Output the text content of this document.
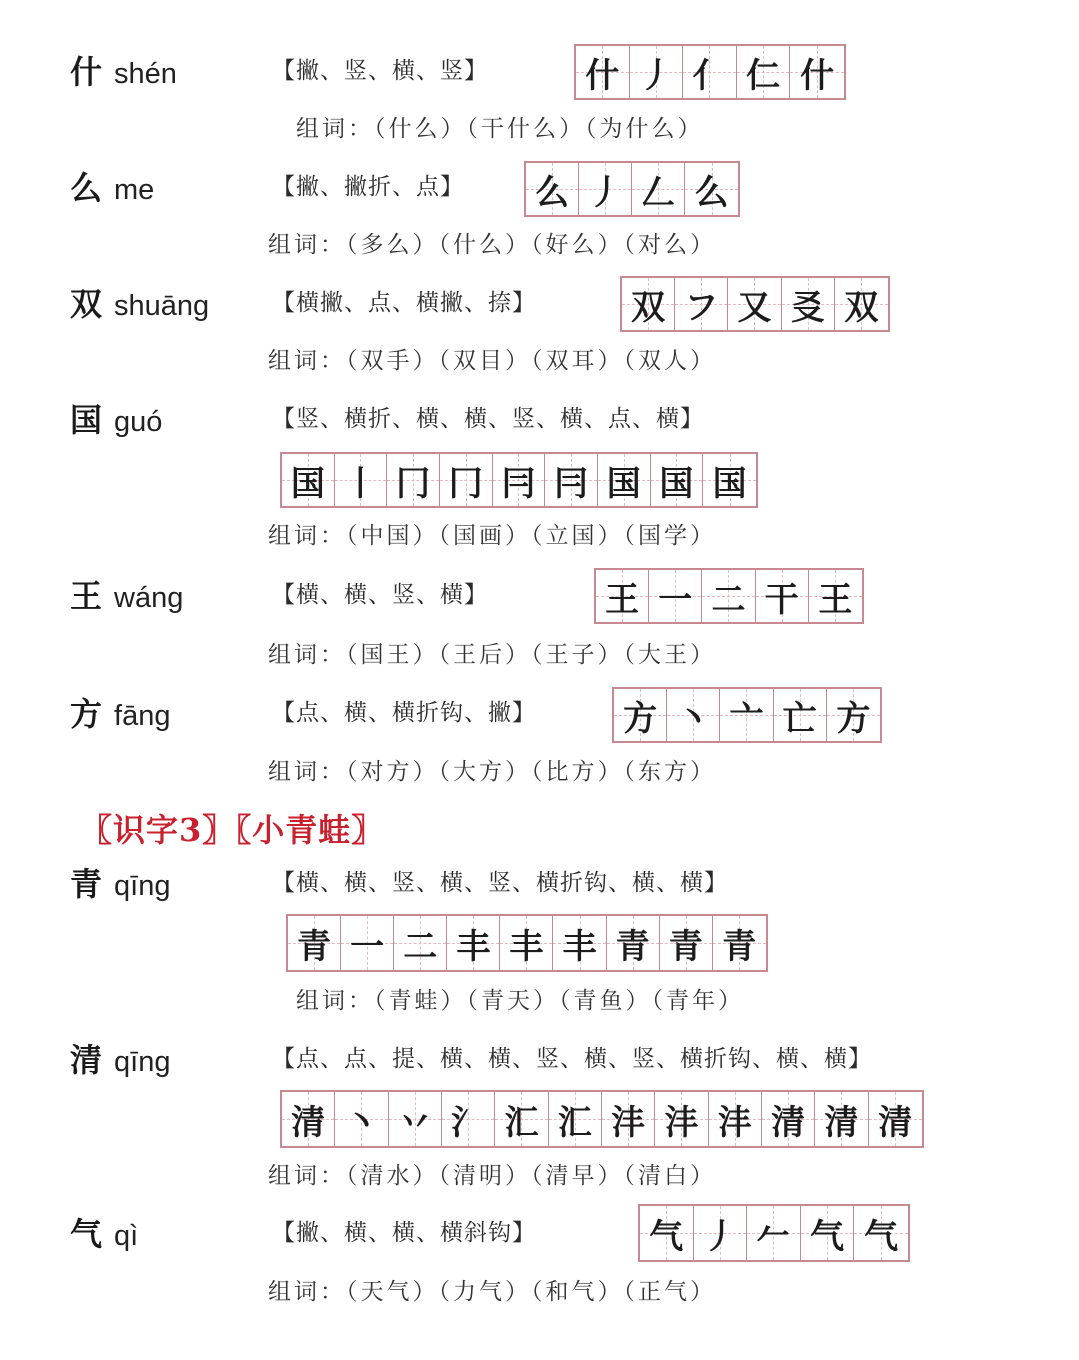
什 shén	【撇、竖、横、竖】	什 丿 亻 仁 什
组词：（什么）（干什么）（为什么）
么 me	【撇、撇折、点】 么 丿 𠃋 么
组词：（多么）（什么）（好么）（对么）
双 shuāng	【横撇、点、横撇、捺】	双 フ 又 㕛 双
组词：（双手）（双目）（双耳）（双人）
国 guó	【竖、横折、横、横、竖、横、点、横】
国 丨 冂 冂 冃 冃 国 国 国
组词：（中国）（国画）（立国）（国学）
王 wáng	【横、横、竖、横】	王 一 二 干 王
组词：（国王）（王后）（王子）（大王）
方 fāng	【点、横、横折钩、撇】	方 丶 亠 亡 方
组词：（对方）（大方）（比方）（东方）
〖识字3〗〖小青蛙〗
青 qīng	【横、横、竖、横、竖、横折钩、横、横】
青 一 二 丰 丰 丰 青 青 青
组词：（青蛙）（青天）（青鱼）（青年）
清 qīng	【点、点、提、横、横、竖、横、竖、横折钩、横、横】
清 丶 丷 氵 汇 汇 沣 沣 沣 清 清 清
组词：（清水）（清明）（清早）（清白）
气 qì	【撇、横、横、横斜钩】	气 丿 𠂉 气 气
组词：（天气）（力气）（和气）（正气）
